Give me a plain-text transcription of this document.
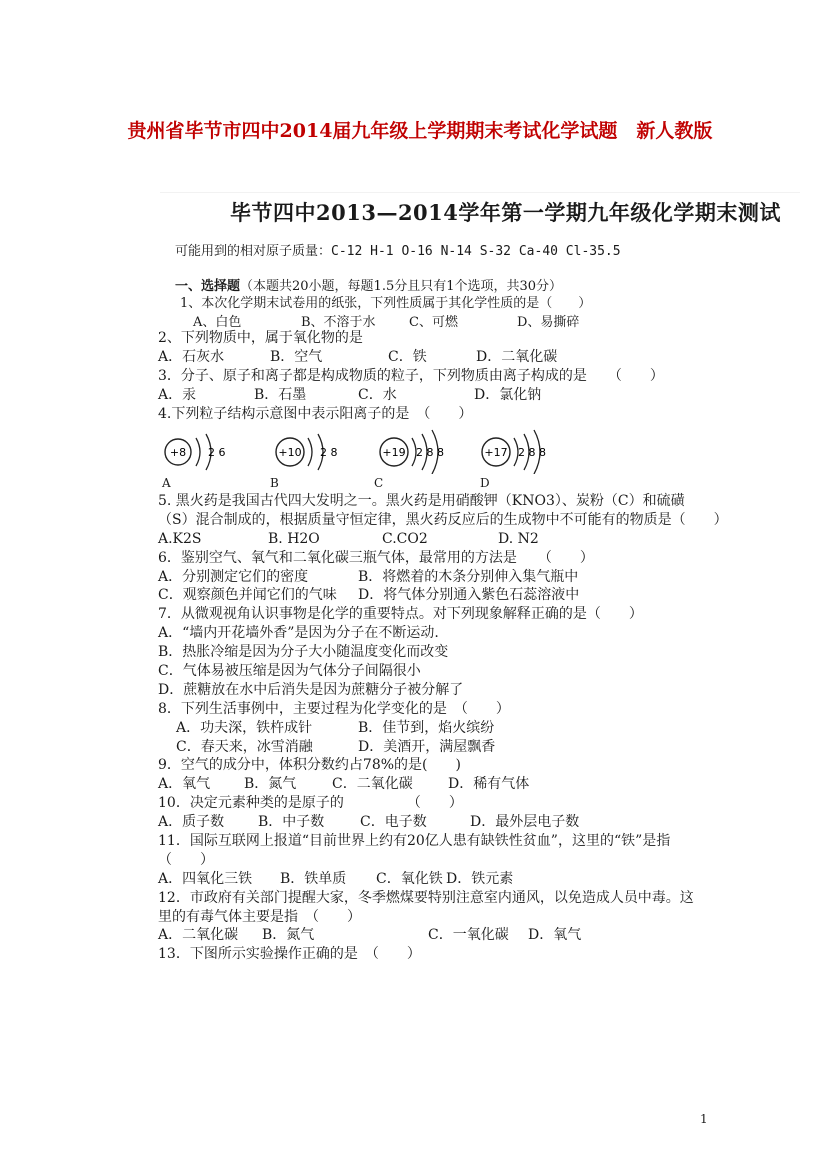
贵州省毕节市四中2014届九年级上学期期末考试化学试题　新人教版
毕节四中2013—2014学年第一学期九年级化学期末测试
可能用到的相对原子质量：C-12 H-1 O-16 N-14 S-32 Ca-40 Cl-35.5
一、选择题（本题共20小题，每题1.5分且只有1个选项，共30分）
1、本次化学期末试卷用的纸张，下列性质属于其化学性质的是（　　）
A、白色	B、不溶于水	C、可燃	D、易撕碎
2、下列物质中，属于氧化物的是
A．石灰水	B．空气	C．铁	D．二氧化碳
3．分子、原子和离子都是构成物质的粒子，下列物质由离子构成的是　　（　　）
A．汞	B．石墨	C．水	D．氯化钠
4.下列粒子结构示意图中表示阳离子的是　（　　）
+8 2 6
A
+10 2 8
B
+19 2 8 8
C
+17 2 8 8
D
5. 黑火药是我国古代四大发明之一。黑火药是用硝酸钾（KNO3）、炭粉（C）和硫磺
（S）混合制成的，根据质量守恒定律，黑火药反应后的生成物中不可能有的物质是（　　）
A.K2S	B. H2O	C.CO2	D. N2
6．鉴别空气、氧气和二氧化碳三瓶气体，最常用的方法是　　（　　）
A．分别测定它们的密度	B．将燃着的木条分别伸入集气瓶中
C．观察颜色并闻它们的气味 D．将气体分别通入紫色石蕊溶液中
7．从微观视角认识事物是化学的重要特点。对下列现象解释正确的是（　　）
A．“墙内开花墙外香”是因为分子在不断运动.
B．热胀冷缩是因为分子大小随温度变化而改变
C．气体易被压缩是因为气体分子间隔很小
D．蔗糖放在水中后消失是因为蔗糖分子被分解了
8．下列生活事例中，主要过程为化学变化的是　（　　）
A．功夫深，铁杵成针	B．佳节到，焰火缤纷
C．春天来，冰雪消融	D．美酒开，满屋飘香
9．空气的成分中，体积分数约占78%的是(　　)
A．氧气 B．氮气	C．二氧化碳	D．稀有气体
10．决定元素种类的是原子的　　　　　（　　）
A．质子数 B．中子数	C．电子数	D．最外层电子数
11．国际互联网上报道“目前世界上约有20亿人患有缺铁性贫血”，这里的“铁”是指
（　　）
A．四氧化三铁 B．铁单质 C．氧化铁 D．铁元素
12．市政府有关部门提醒大家，冬季燃煤要特别注意室内通风，以免造成人员中毒。这
里的有毒气体主要是指　（　　）
A．二氧化碳 B．氮气	C．一氧化碳 D．氧气
13．下图所示实验操作正确的是　（　　）
1
